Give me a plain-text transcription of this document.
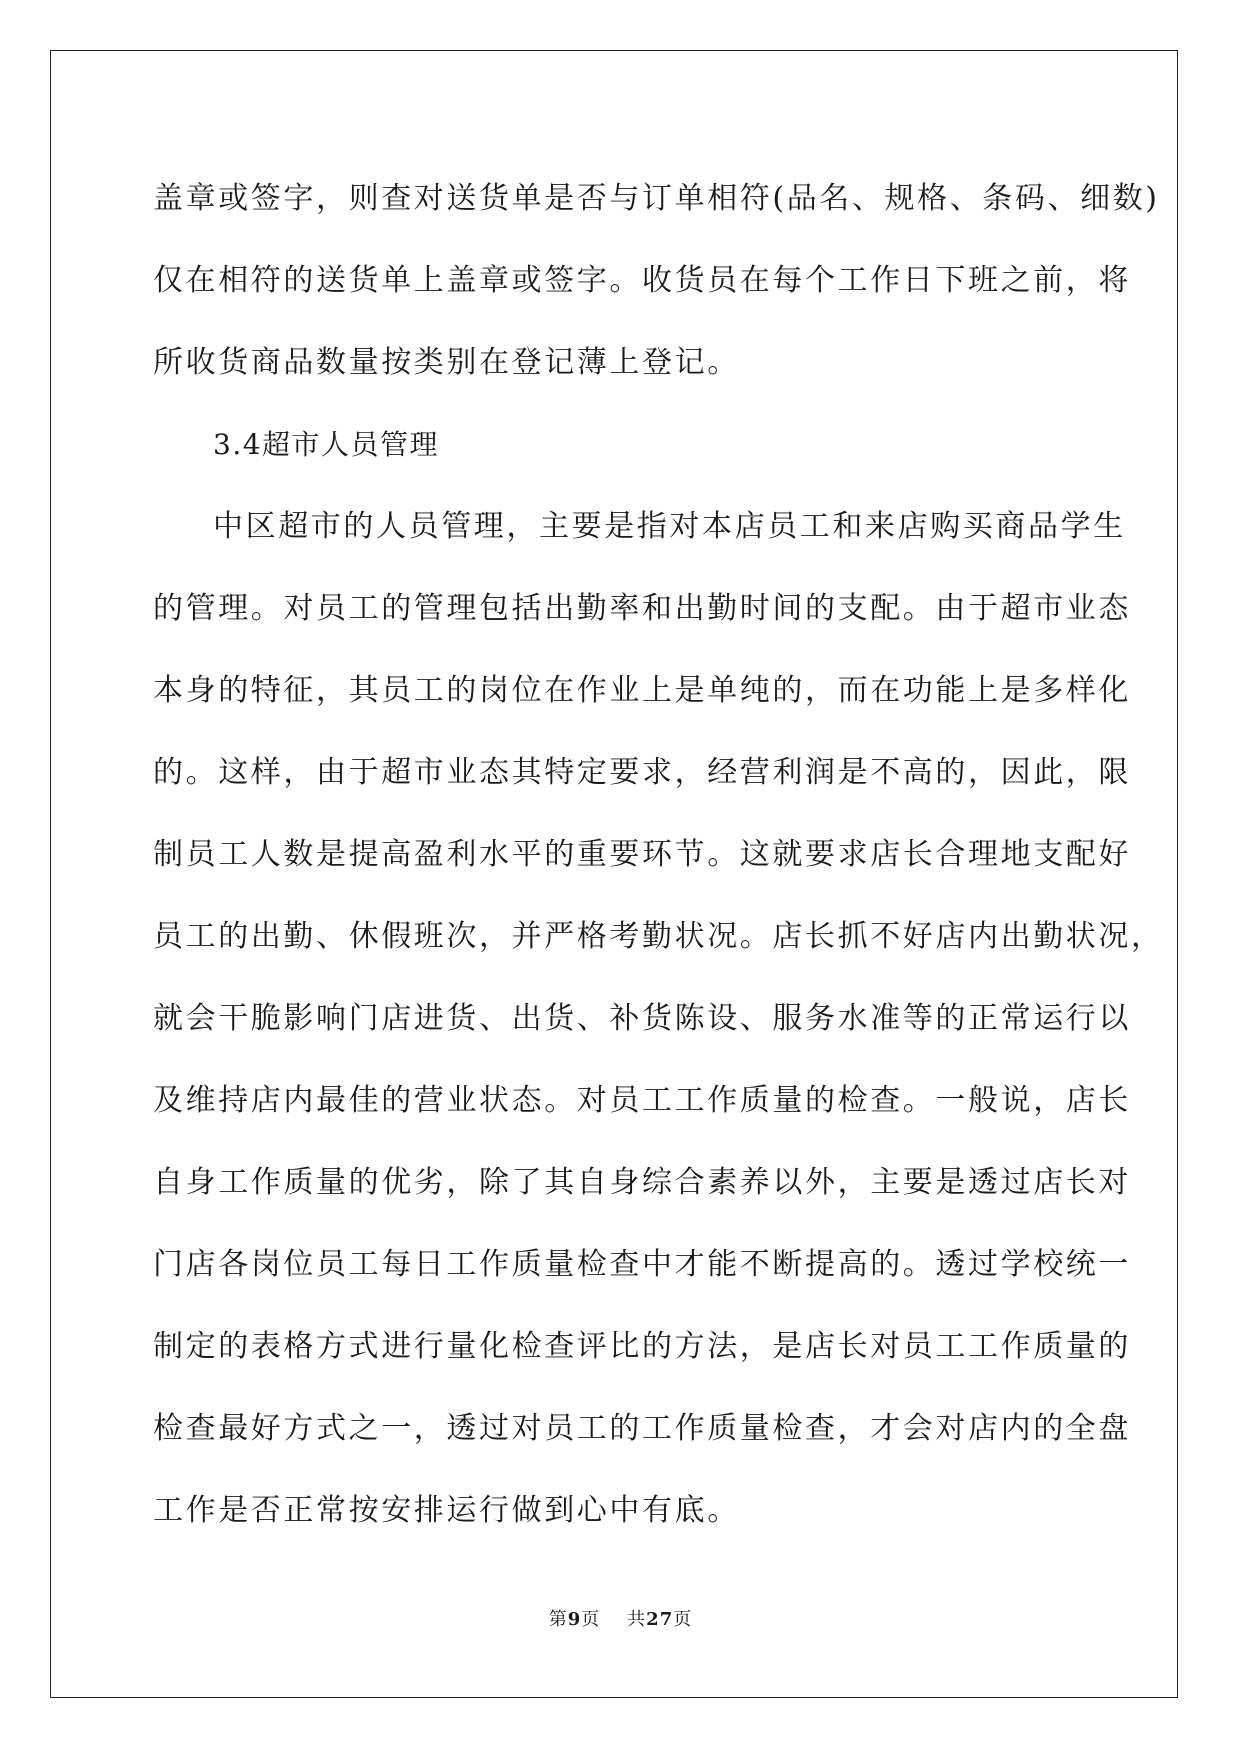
盖章或签字，则查对送货单是否与订单相符(品名、规格、条码、细数)
仅在相符的送货单上盖章或签字。收货员在每个工作日下班之前，将
所收货商品数量按类别在登记薄上登记。
3.4超市人员管理
中区超市的人员管理，主要是指对本店员工和来店购买商品学生
的管理。对员工的管理包括出勤率和出勤时间的支配。由于超市业态
本身的特征，其员工的岗位在作业上是单纯的，而在功能上是多样化
的。这样，由于超市业态其特定要求，经营利润是不高的，因此，限
制员工人数是提高盈利水平的重要环节。这就要求店长合理地支配好
员工的出勤、休假班次，并严格考勤状况。店长抓不好店内出勤状况，
就会干脆影响门店进货、出货、补货陈设、服务水准等的正常运行以
及维持店内最佳的营业状态。对员工工作质量的检查。一般说，店长
自身工作质量的优劣，除了其自身综合素养以外，主要是透过店长对
门店各岗位员工每日工作质量检查中才能不断提高的。透过学校统一
制定的表格方式进行量化检查评比的方法，是店长对员工工作质量的
检查最好方式之一，透过对员工的工作质量检查，才会对店内的全盘
工作是否正常按安排运行做到心中有底。
第9页 共27页
